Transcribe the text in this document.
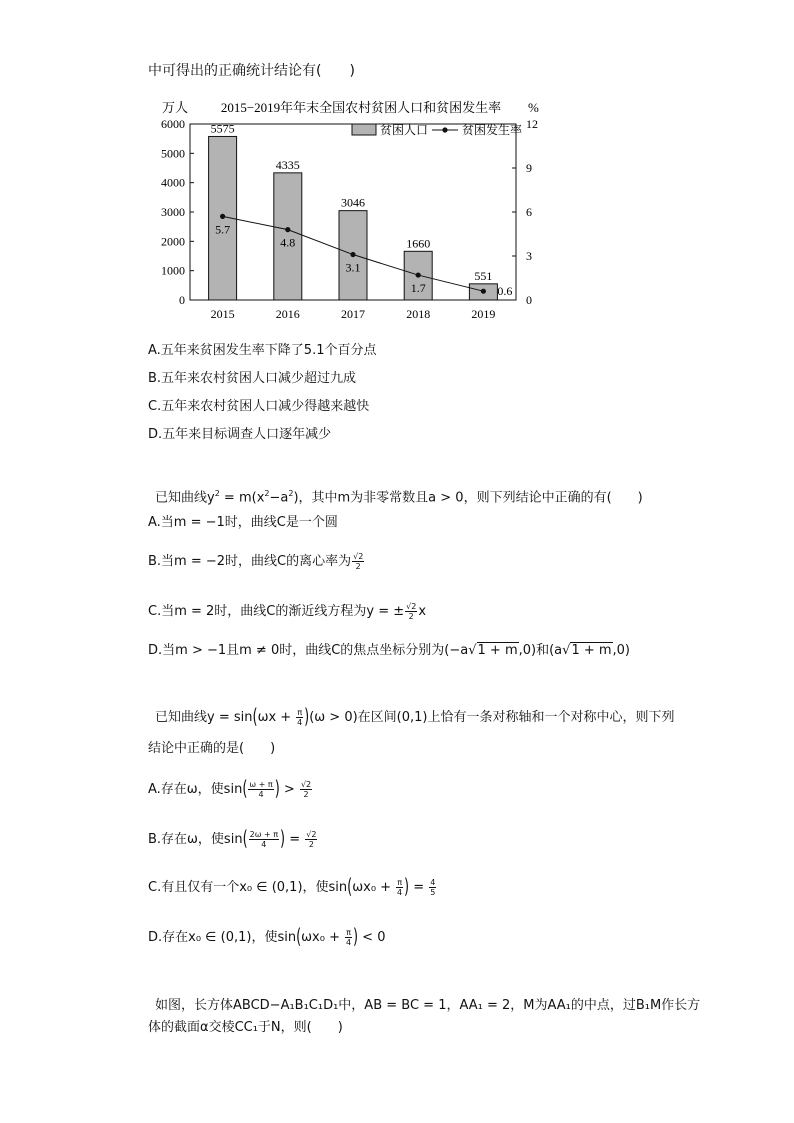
中可得出的正确统计结论有(　　)
万人	2015−2019年年末全国农村贫困人口和贫困发生率 %
0
1000
2000
3000
4000
5000
6000
0
3
6
9
12
5575
4335
3046
1660
551
2015	2016	2017	2018	2019
5.7
4.8
3.1
1.7	0.6
贫困人口	贫困发生率
A.五年来贫困发生率下降了5.1个百分点
B.五年来农村贫困人口减少超过九成
C.五年来农村贫困人口减少得越来越快
D.五年来目标调查人口逐年减少
已知曲线$y^2 = m(x^2-a^2)$，其中m为非零常数且a > 0，则下列结论中正确的有(　　)
A.当m = −1时，曲线C是一个圆
B.当m = −2时，曲线C的离心率为 $\frac{√2}{2}$
C.当m = 2时，曲线C的渐近线方程为y = ± $\frac{√2}{2}$ x
D.当m > −1且m ≠ 0时，曲线C的焦点坐标分别为(−a√1 + m,0)和(a√1 + m,0)
已知曲线$y = \sin(\omega x + \frac{\pi}{4} )(\omega > 0)$在区间(0,1)上恰有一条对称轴和一个对称中心，则下列
结论中正确的是(　　)
A.存在ω，使$\sin( \frac{\omega + \pi}{4}$ ) > $\frac{√2}{2}$
B.存在ω，使$\sin( \frac{2\omega + \pi}{4}$ ) = $\frac{√2}{2}$
C.有且仅有一个x₀ ∈ (0,1)，使$\sin(\omega x_0 + \frac{\pi}{4}$ ) = $\frac{4}{5}$
D.存在x₀ ∈ (0,1)，使$\sin(\omega x_0 + \frac{\pi}{4}$ ) < 0
如图，长方体ABCD−A₁B₁C₁D₁中，AB = BC = 1，AA₁ = 2，M为AA₁的中点，过B₁M作长方
体的截面α交棱CC₁于N，则(　　)
